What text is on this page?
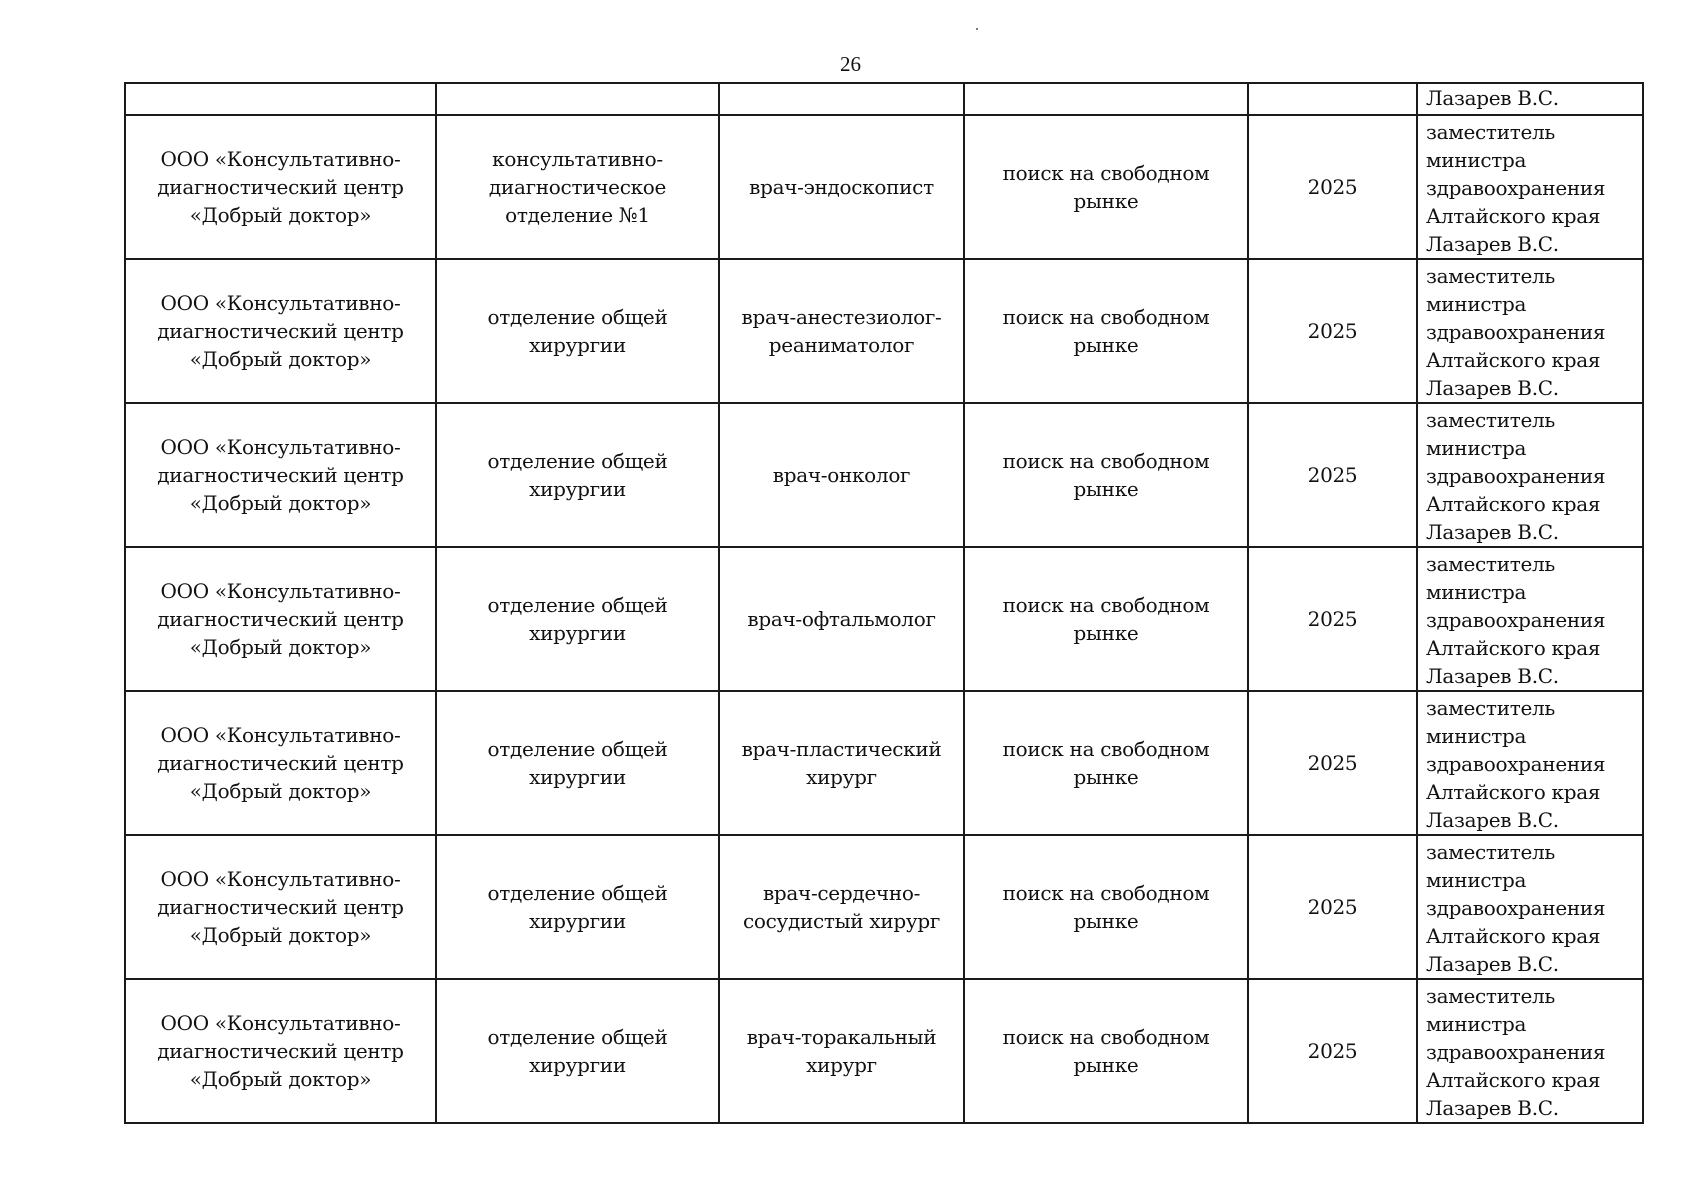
26

					Лазарев В.С.

ООО «Консультативно-
диагностический центр
«Добрый доктор»	консультативно-
диагностическое
отделение №1	врач-эндоскопист	поиск на свободном
рынке	2025	заместитель
министра
здравоохранения
Алтайского края
Лазарев В.С.

ООО «Консультативно-
диагностический центр
«Добрый доктор»	отделение общей
хирургии	врач-анестезиолог-
реаниматолог	поиск на свободном
рынке	2025	заместитель
министра
здравоохранения
Алтайского края
Лазарев В.С.

ООО «Консультативно-
диагностический центр
«Добрый доктор»	отделение общей
хирургии	врач-онколог	поиск на свободном
рынке	2025	заместитель
министра
здравоохранения
Алтайского края
Лазарев В.С.

ООО «Консультативно-
диагностический центр
«Добрый доктор»	отделение общей
хирургии	врач-офтальмолог	поиск на свободном
рынке	2025	заместитель
министра
здравоохранения
Алтайского края
Лазарев В.С.

ООО «Консультативно-
диагностический центр
«Добрый доктор»	отделение общей
хирургии	врач-пластический
хирург	поиск на свободном
рынке	2025	заместитель
министра
здравоохранения
Алтайского края
Лазарев В.С.

ООО «Консультативно-
диагностический центр
«Добрый доктор»	отделение общей
хирургии	врач-сердечно-
сосудистый хирург	поиск на свободном
рынке	2025	заместитель
министра
здравоохранения
Алтайского края
Лазарев В.С.

ООО «Консультативно-
диагностический центр
«Добрый доктор»	отделение общей
хирургии	врач-торакальный
хирург	поиск на свободном
рынке	2025	заместитель
министра
здравоохранения
Алтайского края
Лазарев В.С.
